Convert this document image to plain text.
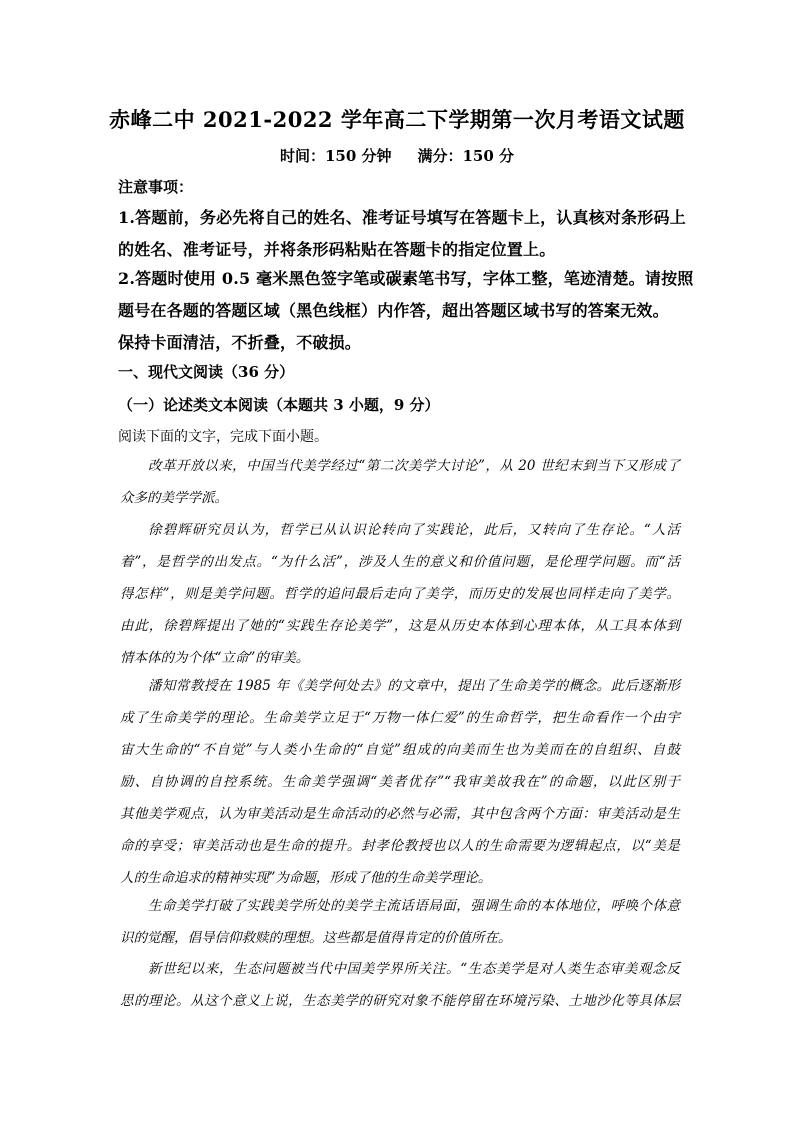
赤峰二中 2021-2022 学年高二下学期第一次月考语文试题
时间：150 分钟 满分：150 分
注意事项：
1.答题前，务必先将自己的姓名、准考证号填写在答题卡上，认真核对条形码上
的姓名、准考证号，并将条形码粘贴在答题卡的指定位置上。
2.答题时使用 0.5 毫米黑色签字笔或碳素笔书写，字体工整，笔迹清楚。请按照
题号在各题的答题区域（黑色线框）内作答，超出答题区域书写的答案无效。
保持卡面清洁，不折叠，不破损。
一、现代文阅读（36 分）
（一）论述类文本阅读（本题共 3 小题，9 分）
阅读下面的文字，完成下面小题。
改革开放以来，中国当代美学经过“第二次美学大讨论”，从 20 世纪末到当下又形成了
众多的美学学派。
徐碧辉研究员认为，哲学已从认识论转向了实践论，此后，又转向了生存论。“人活
着”，是哲学的出发点。“为什么活”，涉及人生的意义和价值问题，是伦理学问题。而“活
得怎样”，则是美学问题。哲学的追问最后走向了美学，而历史的发展也同样走向了美学。
由此，徐碧辉提出了她的“实践生存论美学”，这是从历史本体到心理本体，从工具本体到
情本体的为个体“立命”的审美。
潘知常教授在 1985 年《美学何处去》的文章中，提出了生命美学的概念。此后逐渐形
成了生命美学的理论。生命美学立足于“万物一体仁爱”的生命哲学，把生命看作一个由宇
宙大生命的“不自觉”与人类小生命的“自觉”组成的向美而生也为美而在的自组织、自鼓
励、自协调的自控系统。生命美学强调“美者优存”“我审美故我在”的命题，以此区别于
其他美学观点，认为审美活动是生命活动的必然与必需，其中包含两个方面：审美活动是生
命的享受；审美活动也是生命的提升。封孝伦教授也以人的生命需要为逻辑起点，以“美是
人的生命追求的精神实现”为命题，形成了他的生命美学理论。
生命美学打破了实践美学所处的美学主流话语局面，强调生命的本体地位，呼唤个体意
识的觉醒，倡导信仰救赎的理想。这些都是值得肯定的价值所在。
新世纪以来，生态问题被当代中国美学界所关注。“生态美学是对人类生态审美观念反
思的理论。从这个意义上说，生态美学的研究对象不能停留在环境污染、土地沙化等具体层
